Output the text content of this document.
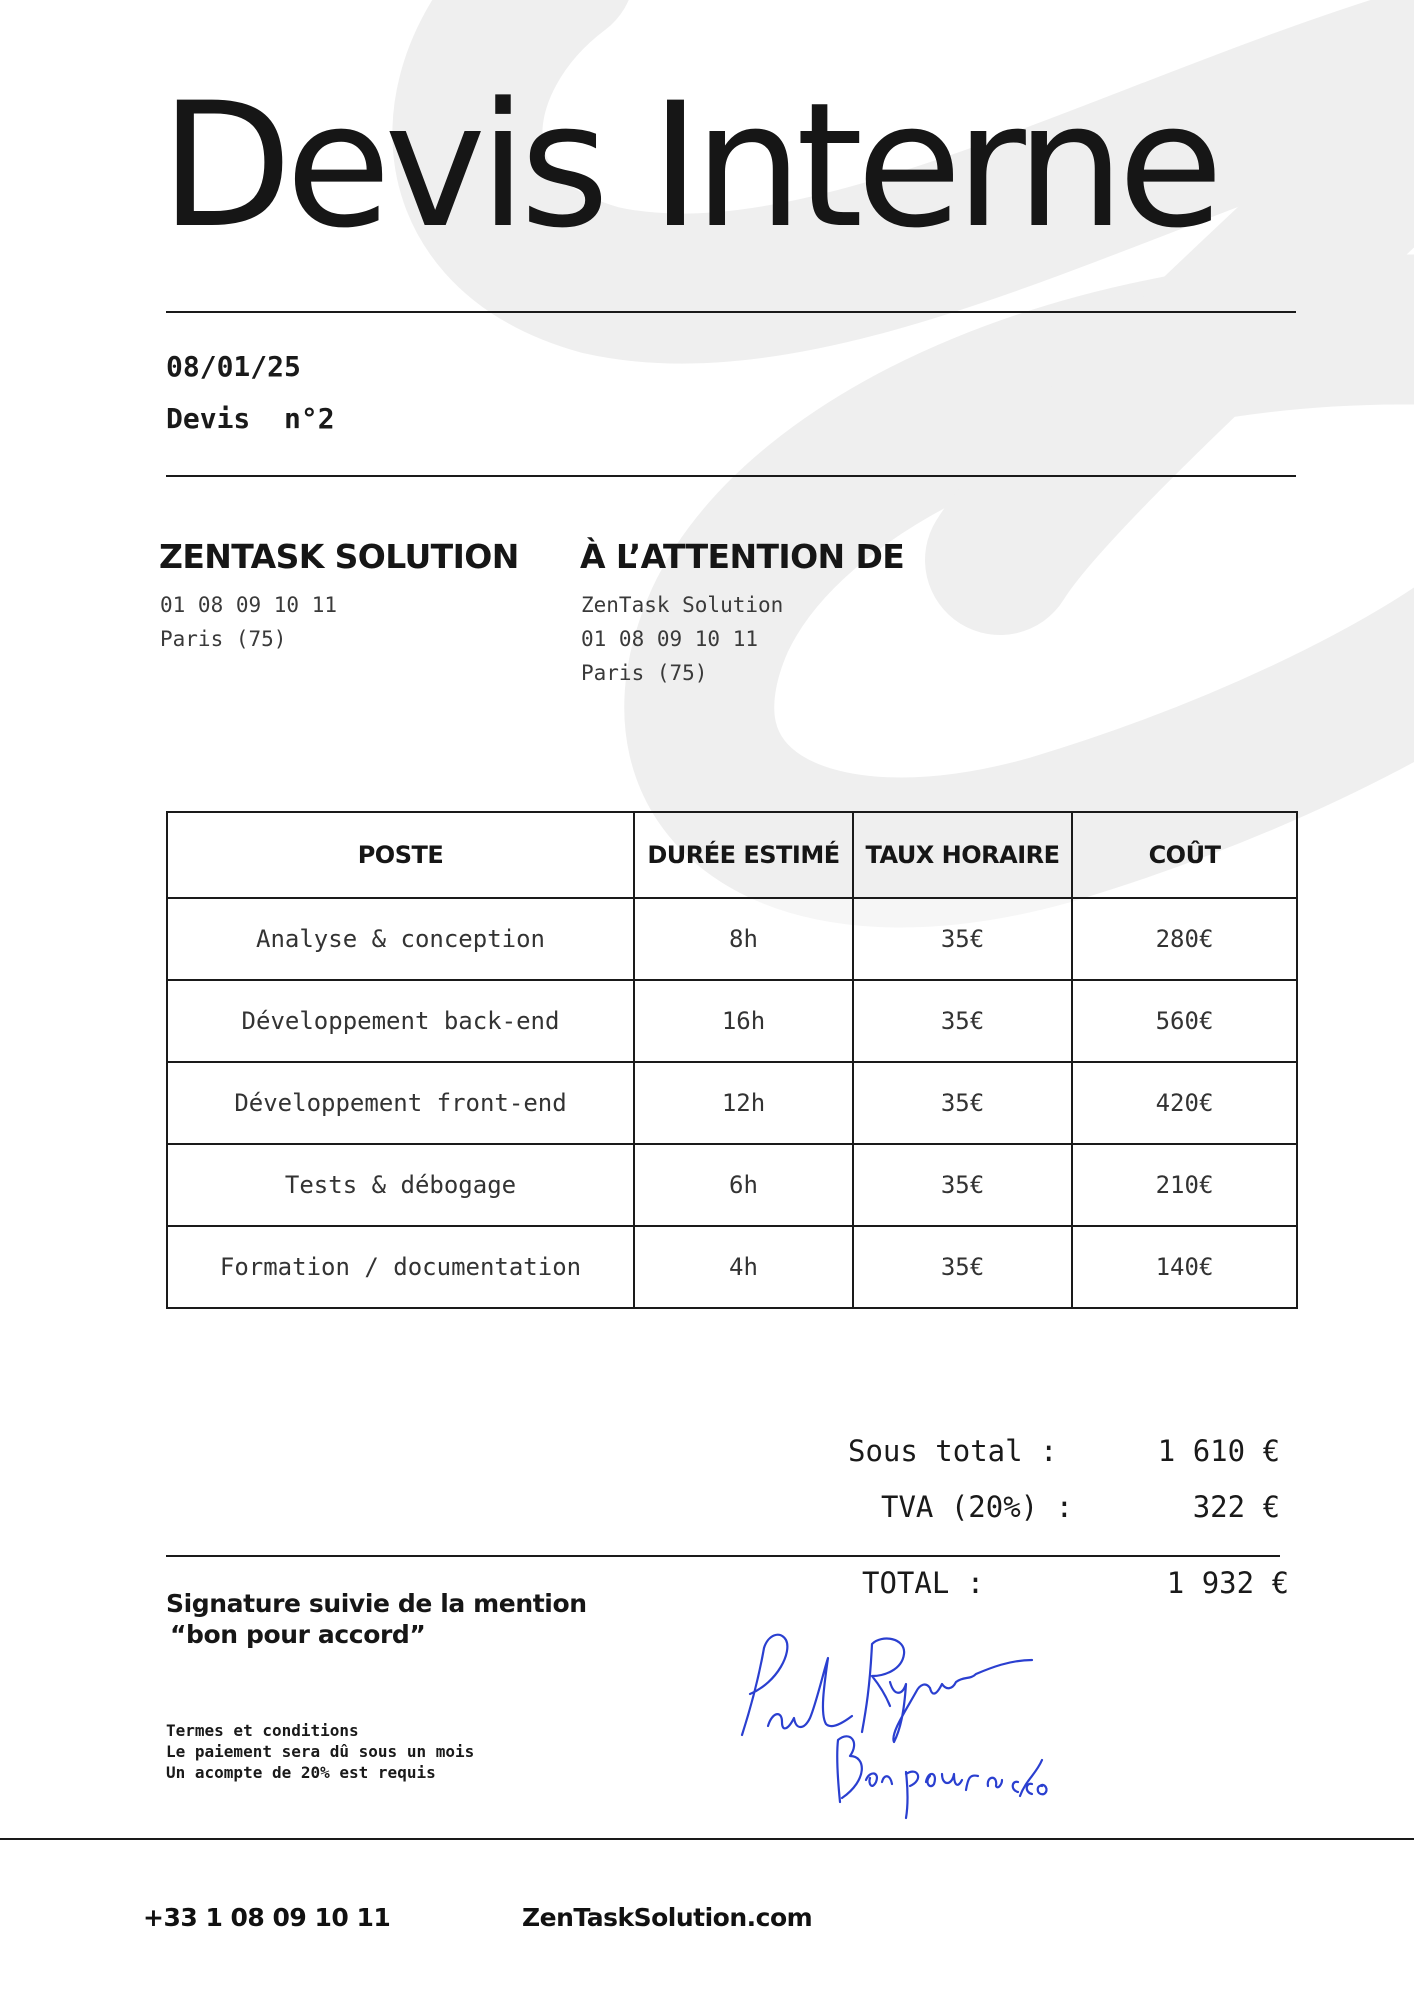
Devis Interne
08/01/25
Devis  n°2
ZENTASK SOLUTION
01 08 09 10 11
Paris (75)
À L’ATTENTION DE
ZenTask Solution
01 08 09 10 11
Paris (75)
POSTE	DURÉE ESTIMÉ	TAUX HORAIRE	COÛT
Analyse & conception	8h	35€	280€
Développement back-end	16h	35€	560€
Développement front-end	12h	35€	420€
Tests & débogage	6h	35€	210€
Formation / documentation	4h	35€	140€
Sous total :	1 610 €
TVA (20%) :	322 €
TOTAL :	1 932 €
Signature suivie de la mention
“bon pour accord”
Termes et conditions
Le paiement sera dû sous un mois
Un acompte de 20% est requis
+33 1 08 09 10 11	ZenTaskSolution.com
